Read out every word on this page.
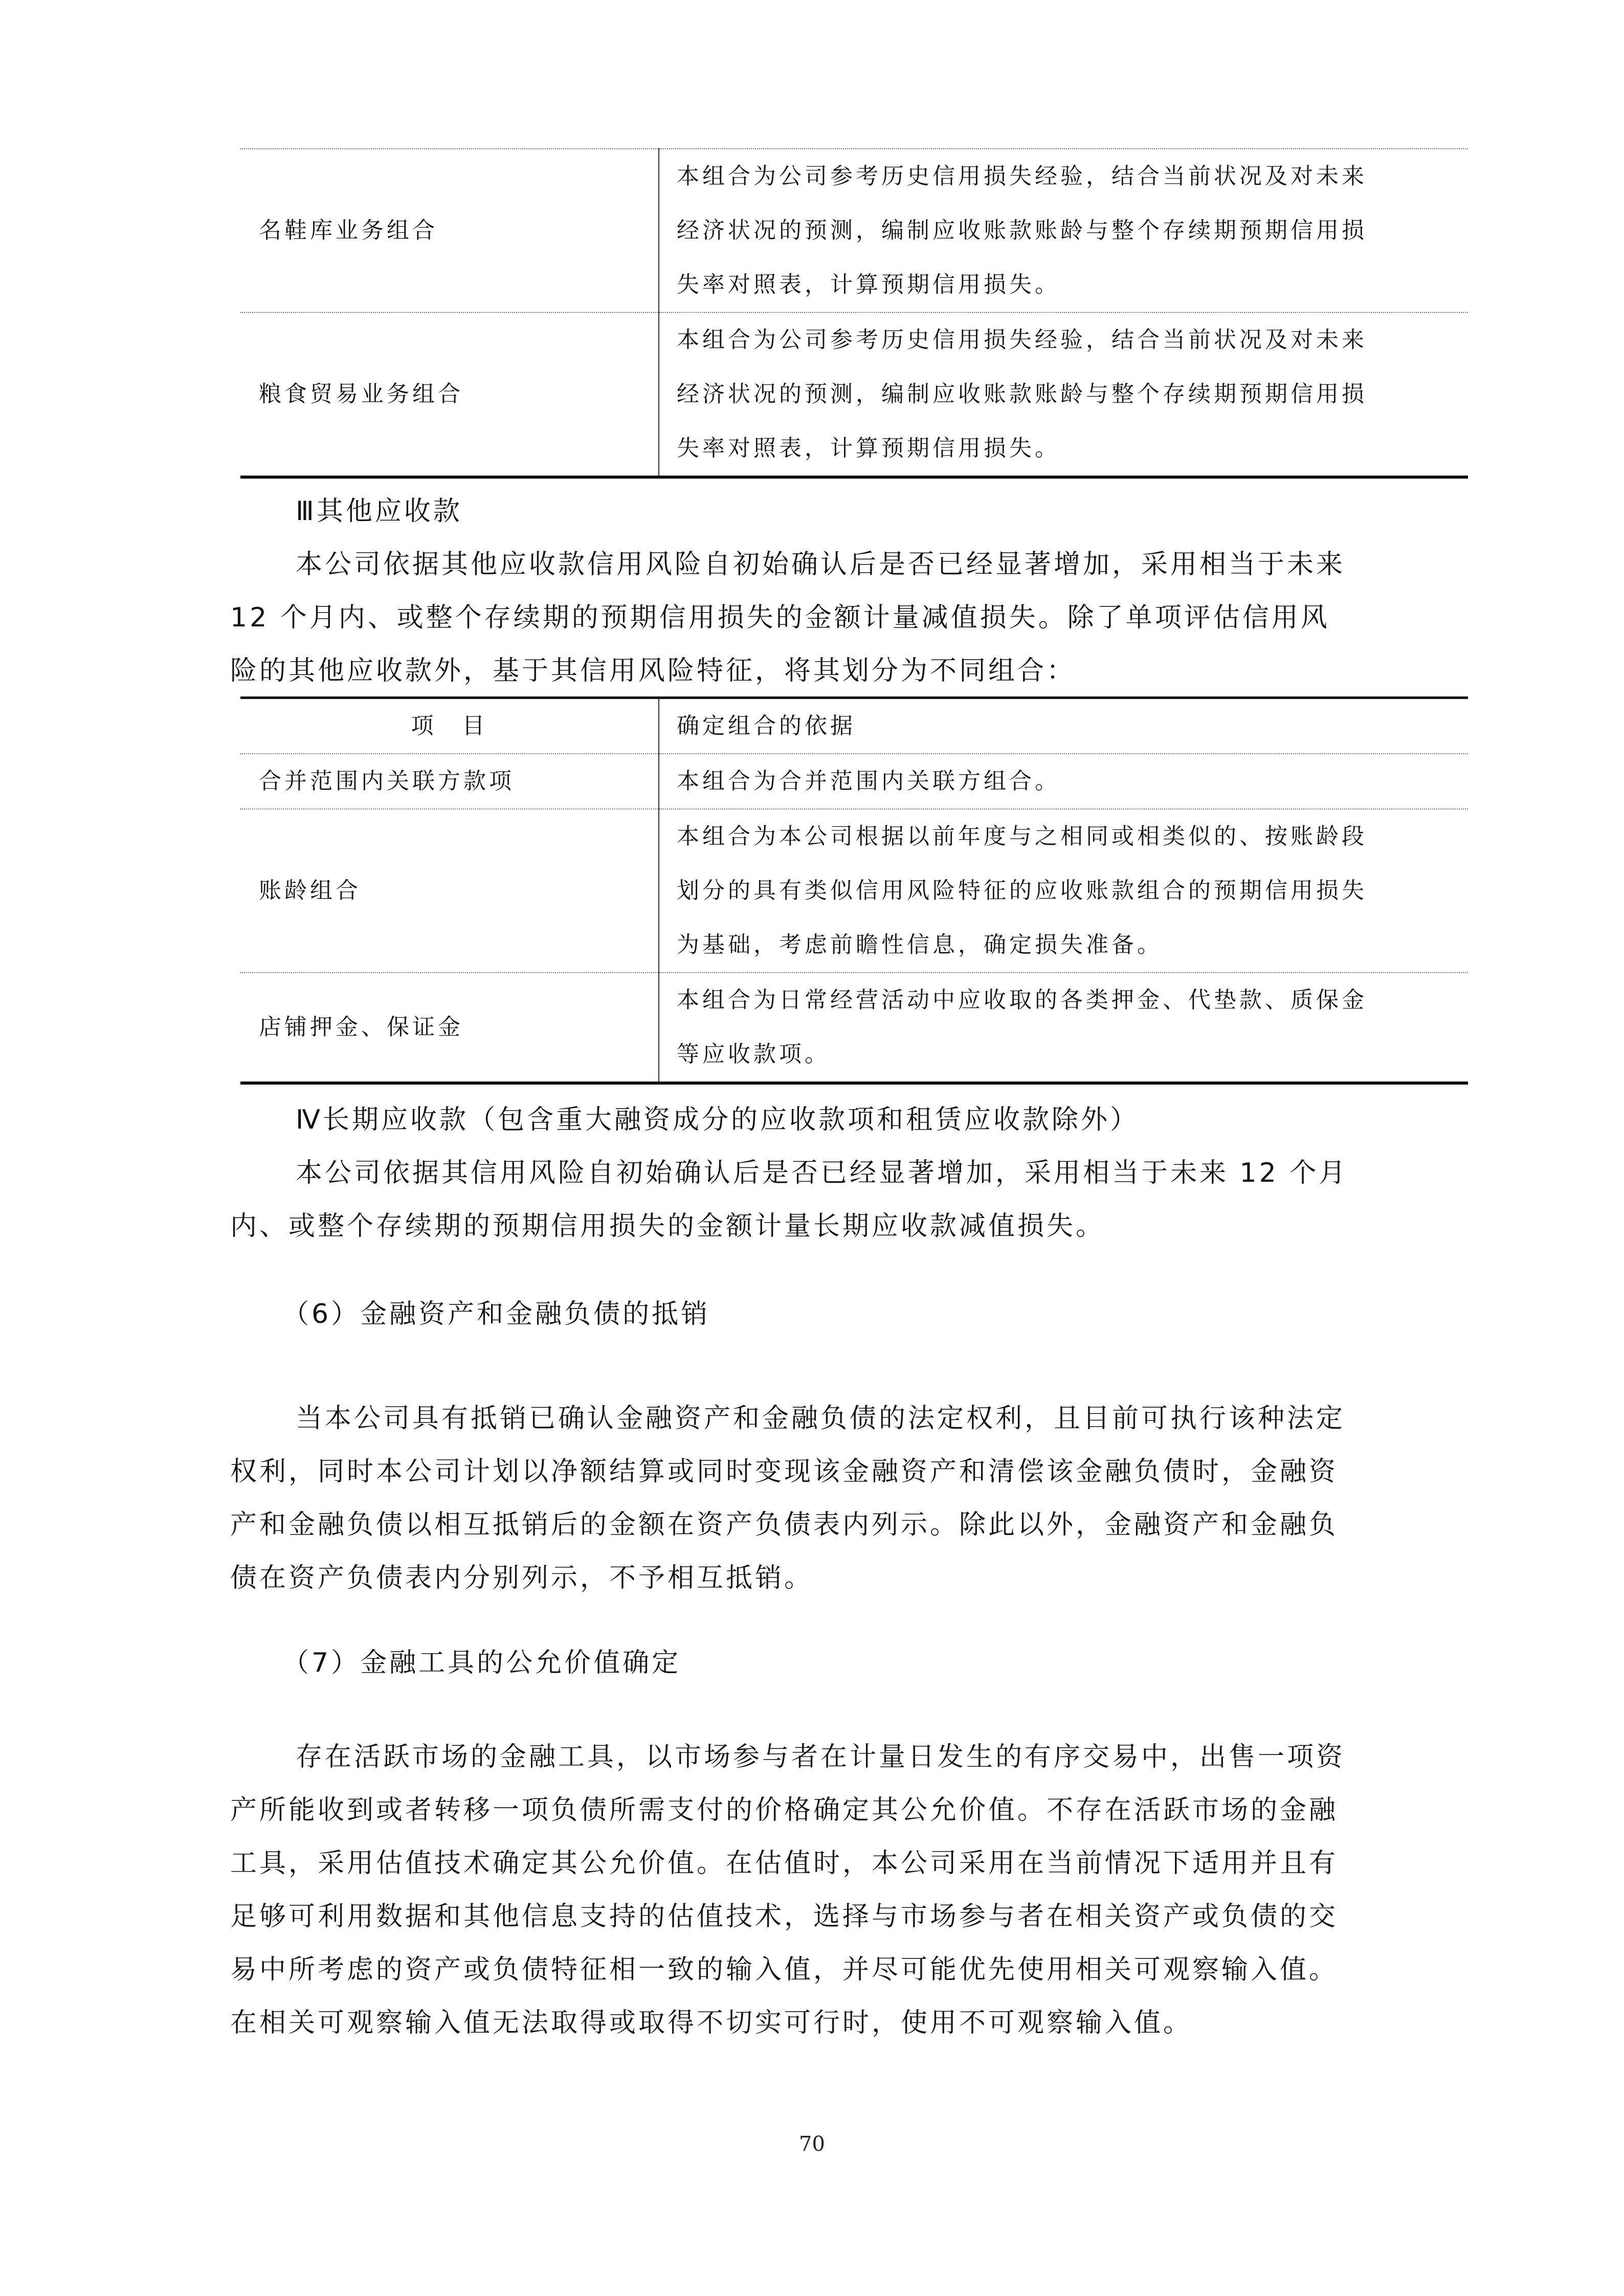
名鞋库业务组合	本组合为公司参考历史信用损失经验，结合当前状况及对未来
经济状况的预测，编制应收账款账龄与整个存续期预期信用损
失率对照表，计算预期信用损失。

粮食贸易业务组合	本组合为公司参考历史信用损失经验，结合当前状况及对未来
经济状况的预测，编制应收账款账龄与整个存续期预期信用损
失率对照表，计算预期信用损失。
Ⅲ其他应收款

本公司依据其他应收款信用风险自初始确认后是否已经显著增加，采用相当于未来

12 个月内、或整个存续期的预期信用损失的金额计量减值损失。除了单项评估信用风

险的其他应收款外，基于其信用风险特征，将其划分为不同组合：

项　目	确定组合的依据
合并范围内关联方款项	本组合为合并范围内关联方组合。

账龄组合	本组合为本公司根据以前年度与之相同或相类似的、按账龄段
划分的具有类似信用风险特征的应收账款组合的预期信用损失
为基础，考虑前瞻性信息，确定损失准备。

店铺押金、保证金	本组合为日常经营活动中应收取的各类押金、代垫款、质保金
等应收款项。
Ⅳ长期应收款（包含重大融资成分的应收款项和租赁应收款除外）

本公司依据其信用风险自初始确认后是否已经显著增加，采用相当于未来 12 个月

内、或整个存续期的预期信用损失的金额计量长期应收款减值损失。

（6）金融资产和金融负债的抵销

当本公司具有抵销已确认金融资产和金融负债的法定权利，且目前可执行该种法定

权利，同时本公司计划以净额结算或同时变现该金融资产和清偿该金融负债时，金融资

产和金融负债以相互抵销后的金额在资产负债表内列示。除此以外，金融资产和金融负

债在资产负债表内分别列示，不予相互抵销。

（7）金融工具的公允价值确定

存在活跃市场的金融工具，以市场参与者在计量日发生的有序交易中，出售一项资

产所能收到或者转移一项负债所需支付的价格确定其公允价值。不存在活跃市场的金融

工具，采用估值技术确定其公允价值。在估值时，本公司采用在当前情况下适用并且有

足够可利用数据和其他信息支持的估值技术，选择与市场参与者在相关资产或负债的交

易中所考虑的资产或负债特征相一致的输入值，并尽可能优先使用相关可观察输入值。

在相关可观察输入值无法取得或取得不切实可行时，使用不可观察输入值。

70
